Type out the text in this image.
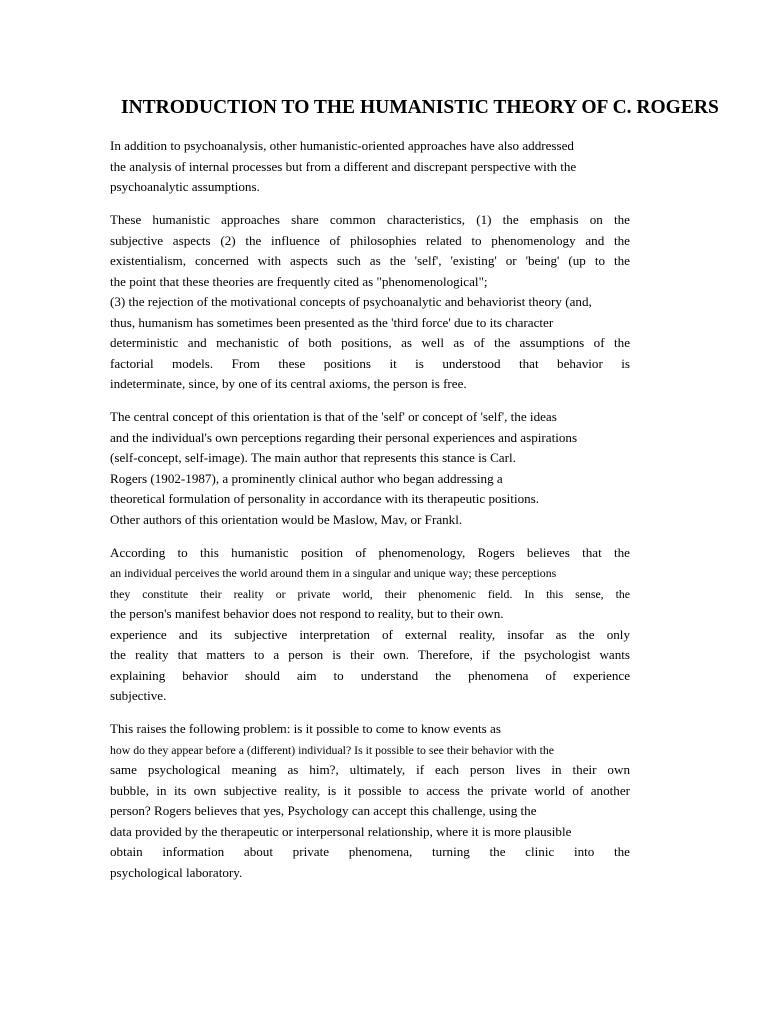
INTRODUCTION TO THE HUMANISTIC THEORY OF C. ROGERS

In addition to psychoanalysis, other humanistic-oriented approaches have also addressed
the analysis of internal processes but from a different and discrepant perspective with the
psychoanalytic assumptions.

These humanistic approaches share common characteristics, (1) the emphasis on the
subjective aspects (2) the influence of philosophies related to phenomenology and the
existentialism, concerned with aspects such as the 'self', 'existing' or 'being' (up to the
the point that these theories are frequently cited as "phenomenological";
(3) the rejection of the motivational concepts of psychoanalytic and behaviorist theory (and,
thus, humanism has sometimes been presented as the 'third force' due to its character
deterministic and mechanistic of both positions, as well as of the assumptions of the
factorial models. From these positions it is understood that behavior is
indeterminate, since, by one of its central axioms, the person is free.

The central concept of this orientation is that of the 'self' or concept of 'self', the ideas
and the individual's own perceptions regarding their personal experiences and aspirations
(self-concept, self-image). The main author that represents this stance is Carl.
Rogers (1902-1987), a prominently clinical author who began addressing a
theoretical formulation of personality in accordance with its therapeutic positions.
Other authors of this orientation would be Maslow, Mav, or Frankl.

According to this humanistic position of phenomenology, Rogers believes that the
an individual perceives the world around them in a singular and unique way; these perceptions
they constitute their reality or private world, their phenomenic field. In this sense, the
the person's manifest behavior does not respond to reality, but to their own.
experience and its subjective interpretation of external reality, insofar as the only
the reality that matters to a person is their own. Therefore, if the psychologist wants
explaining behavior should aim to understand the phenomena of experience
subjective.

This raises the following problem: is it possible to come to know events as
how do they appear before a (different) individual? Is it possible to see their behavior with the
same psychological meaning as him?, ultimately, if each person lives in their own
bubble, in its own subjective reality, is it possible to access the private world of another
person? Rogers believes that yes, Psychology can accept this challenge, using the
data provided by the therapeutic or interpersonal relationship, where it is more plausible
obtain information about private phenomena, turning the clinic into the
psychological laboratory.
